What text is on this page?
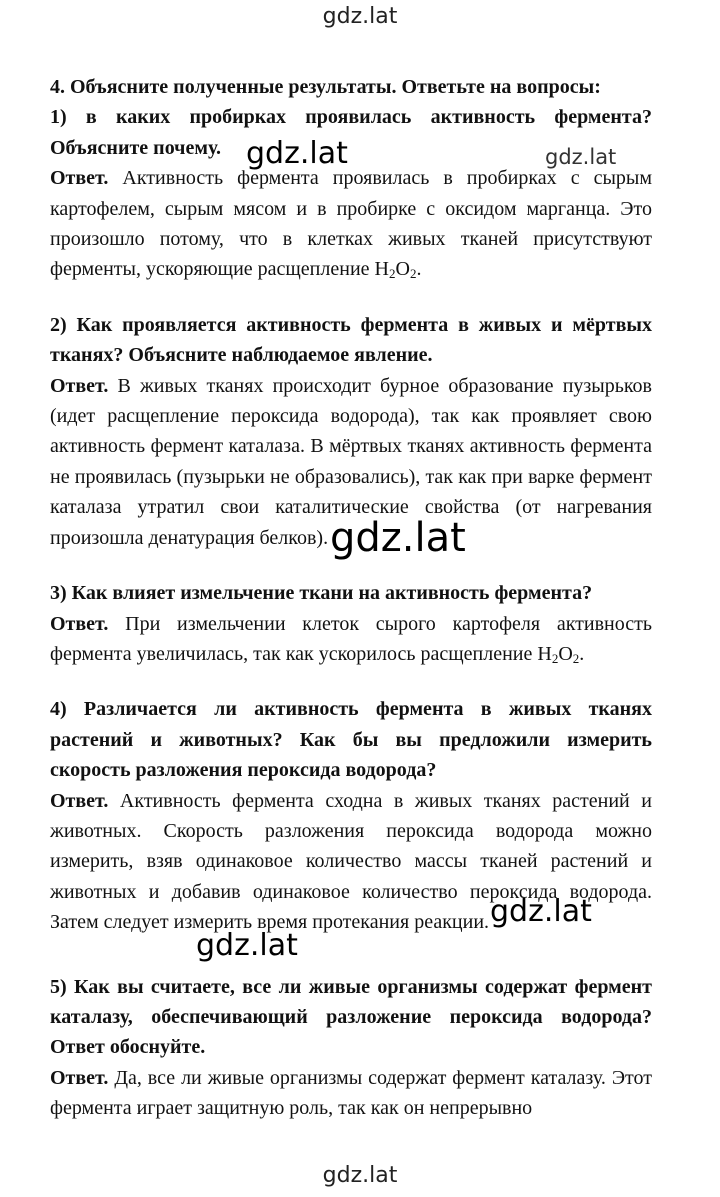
gdz.lat

4. Объясните полученные результаты. Ответьте на вопросы:

1) в каких пробирках проявилась активность фермента? Объясните почему.

Ответ. Активность фермента проявилась в пробирках с сырым картофелем, сырым мясом и в пробирке с оксидом марганца. Это произошло потому, что в клетках живых тканей присутствуют ферменты, ускоряющие расщепление $H_2O_2$.

2) Как проявляется активность фермента в живых и мёртвых тканях? Объясните наблюдаемое явление.

Ответ. В живых тканях происходит бурное образование пузырьков (идет расщепление пероксида водорода), так как проявляет свою активность фермент каталаза. В мёртвых тканях активность фермента не проявилась (пузырьки не образовались), так как при варке фермент каталаза утратил свои каталитические свойства (от нагревания произошла денатурация белков).

3) Как влияет измельчение ткани на активность фермента?

Ответ. При измельчении клеток сырого картофеля активность фермента увеличилась, так как ускорилось расщепление $H_2O_2$.

4) Различается ли активность фермента в живых тканях растений и животных? Как бы вы предложили измерить скорость разложения пероксида водорода?

Ответ. Активность фермента сходна в живых тканях растений и животных. Скорость разложения пероксида водорода можно измерить, взяв одинаковое количество массы тканей растений и животных и добавив одинаковое количество пероксида водорода. Затем следует измерить время протекания реакции.

5) Как вы считаете, все ли живые организмы содержат фермент каталазу, обеспечивающий разложение пероксида водорода? Ответ обоснуйте.

Ответ. Да, все ли живые организмы содержат фермент каталазу. Этот фермента играет защитную роль, так как он непрерывно

gdz.lat	gdz.lat
gdz.lat
gdz.lat
gdz.lat
gdz.lat
